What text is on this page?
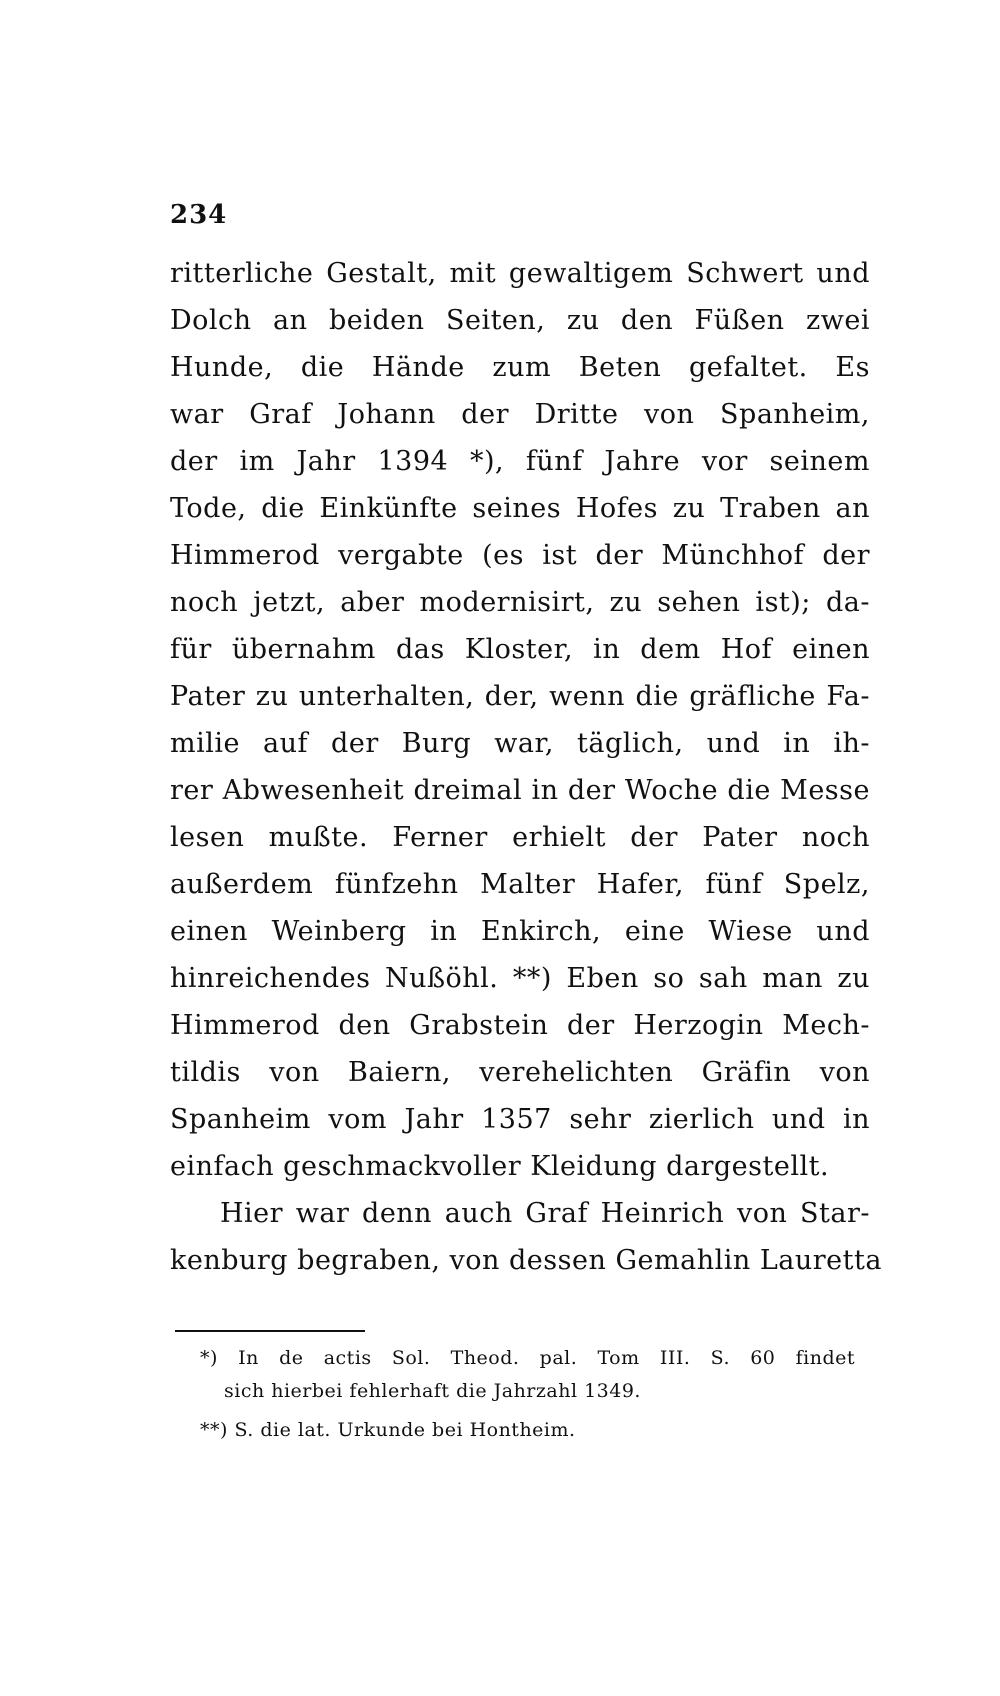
234
ritterliche Gestalt, mit gewaltigem Schwert und
Dolch an beiden Seiten, zu den Füßen zwei
Hunde, die Hände zum Beten gefaltet. Es
war Graf Johann der Dritte von Spanheim,
der im Jahr 1394 *), fünf Jahre vor seinem
Tode, die Einkünfte seines Hofes zu Traben an
Himmerod vergabte (es ist der Münchhof der
noch jetzt, aber modernisirt, zu sehen ist); da-
für übernahm das Kloster, in dem Hof einen
Pater zu unterhalten, der, wenn die gräfliche Fa-
milie auf der Burg war, täglich, und in ih-
rer Abwesenheit dreimal in der Woche die Messe
lesen mußte. Ferner erhielt der Pater noch
außerdem fünfzehn Malter Hafer, fünf Spelz,
einen Weinberg in Enkirch, eine Wiese und
hinreichendes Nußöhl. **) Eben so sah man zu
Himmerod den Grabstein der Herzogin Mech-
tildis von Baiern, verehelichten Gräfin von
Spanheim vom Jahr 1357 sehr zierlich und in
einfach geschmackvoller Kleidung dargestellt.
Hier war denn auch Graf Heinrich von Star-
kenburg begraben, von dessen Gemahlin Lauretta
*) In de actis Sol. Theod. pal. Tom III. S. 60 findet
sich hierbei fehlerhaft die Jahrzahl 1349.
**) S. die lat. Urkunde bei Hontheim.
